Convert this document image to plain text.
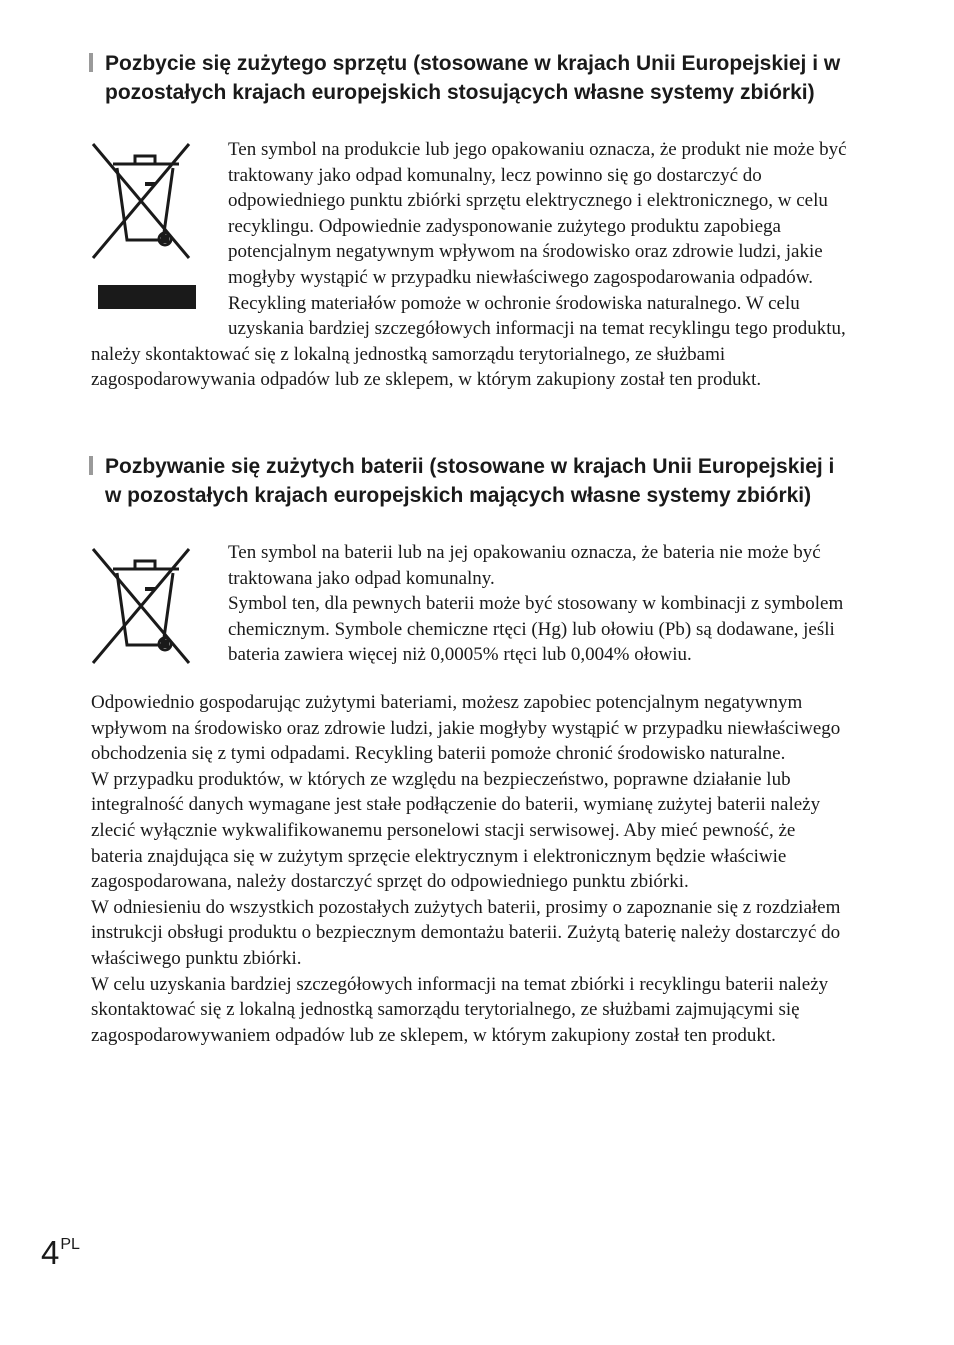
Pozbycie się zużytego sprzętu (stosowane w krajach Unii Europejskiej i w pozostałych krajach europejskich stosujących własne systemy zbiórki)

Ten symbol na produkcie lub jego opakowaniu oznacza, że produkt nie może być traktowany jako odpad komunalny, lecz powinno się go dostarczyć do odpowiedniego punktu zbiórki sprzętu elektrycznego i elektronicznego, w celu recyklingu. Odpowiednie zadysponowanie zużytego produktu zapobiega potencjalnym negatywnym wpływom na środowisko oraz zdrowie ludzi, jakie mogłyby wystąpić w przypadku niewłaściwego zagospodarowania odpadów. Recykling materiałów pomoże w ochronie środowiska naturalnego. W celu uzyskania bardziej szczegółowych informacji na temat recyklingu tego produktu, należy skontaktować się z lokalną jednostką samorządu terytorialnego, ze służbami zagospodarowywania odpadów lub ze sklepem, w którym zakupiony został ten produkt.

Pozbywanie się zużytych baterii (stosowane w krajach Unii Europejskiej i w pozostałych krajach europejskich mających własne systemy zbiórki)

Ten symbol na baterii lub na jej opakowaniu oznacza, że bateria nie może być traktowana jako odpad komunalny.

Symbol ten, dla pewnych baterii może być stosowany w kombinacji z symbolem chemicznym. Symbole chemiczne rtęci (Hg) lub ołowiu (Pb) są dodawane, jeśli bateria zawiera więcej niż 0,0005% rtęci lub 0,004% ołowiu.

Odpowiednio gospodarując zużytymi bateriami, możesz zapobiec potencjalnym negatywnym wpływom na środowisko oraz zdrowie ludzi, jakie mogłyby wystąpić w przypadku niewłaściwego obchodzenia się z tymi odpadami. Recykling baterii pomoże chronić środowisko naturalne.

W przypadku produktów, w których ze względu na bezpieczeństwo, poprawne działanie lub integralność danych wymagane jest stałe podłączenie do baterii, wymianę zużytej baterii należy zlecić wyłącznie wykwalifikowanemu personelowi stacji serwisowej. Aby mieć pewność, że bateria znajdująca się w zużytym sprzęcie elektrycznym i elektronicznym będzie właściwie zagospodarowana, należy dostarczyć sprzęt do odpowiedniego punktu zbiórki.

W odniesieniu do wszystkich pozostałych zużytych baterii, prosimy o zapoznanie się z rozdziałem instrukcji obsługi produktu o bezpiecznym demontażu baterii. Zużytą baterię należy dostarczyć do właściwego punktu zbiórki.

W celu uzyskania bardziej szczegółowych informacji na temat zbiórki i recyklingu baterii należy skontaktować się z lokalną jednostką samorządu terytorialnego, ze służbami zajmującymi się zagospodarowywaniem odpadów lub ze sklepem, w którym zakupiony został ten produkt.

4PL
